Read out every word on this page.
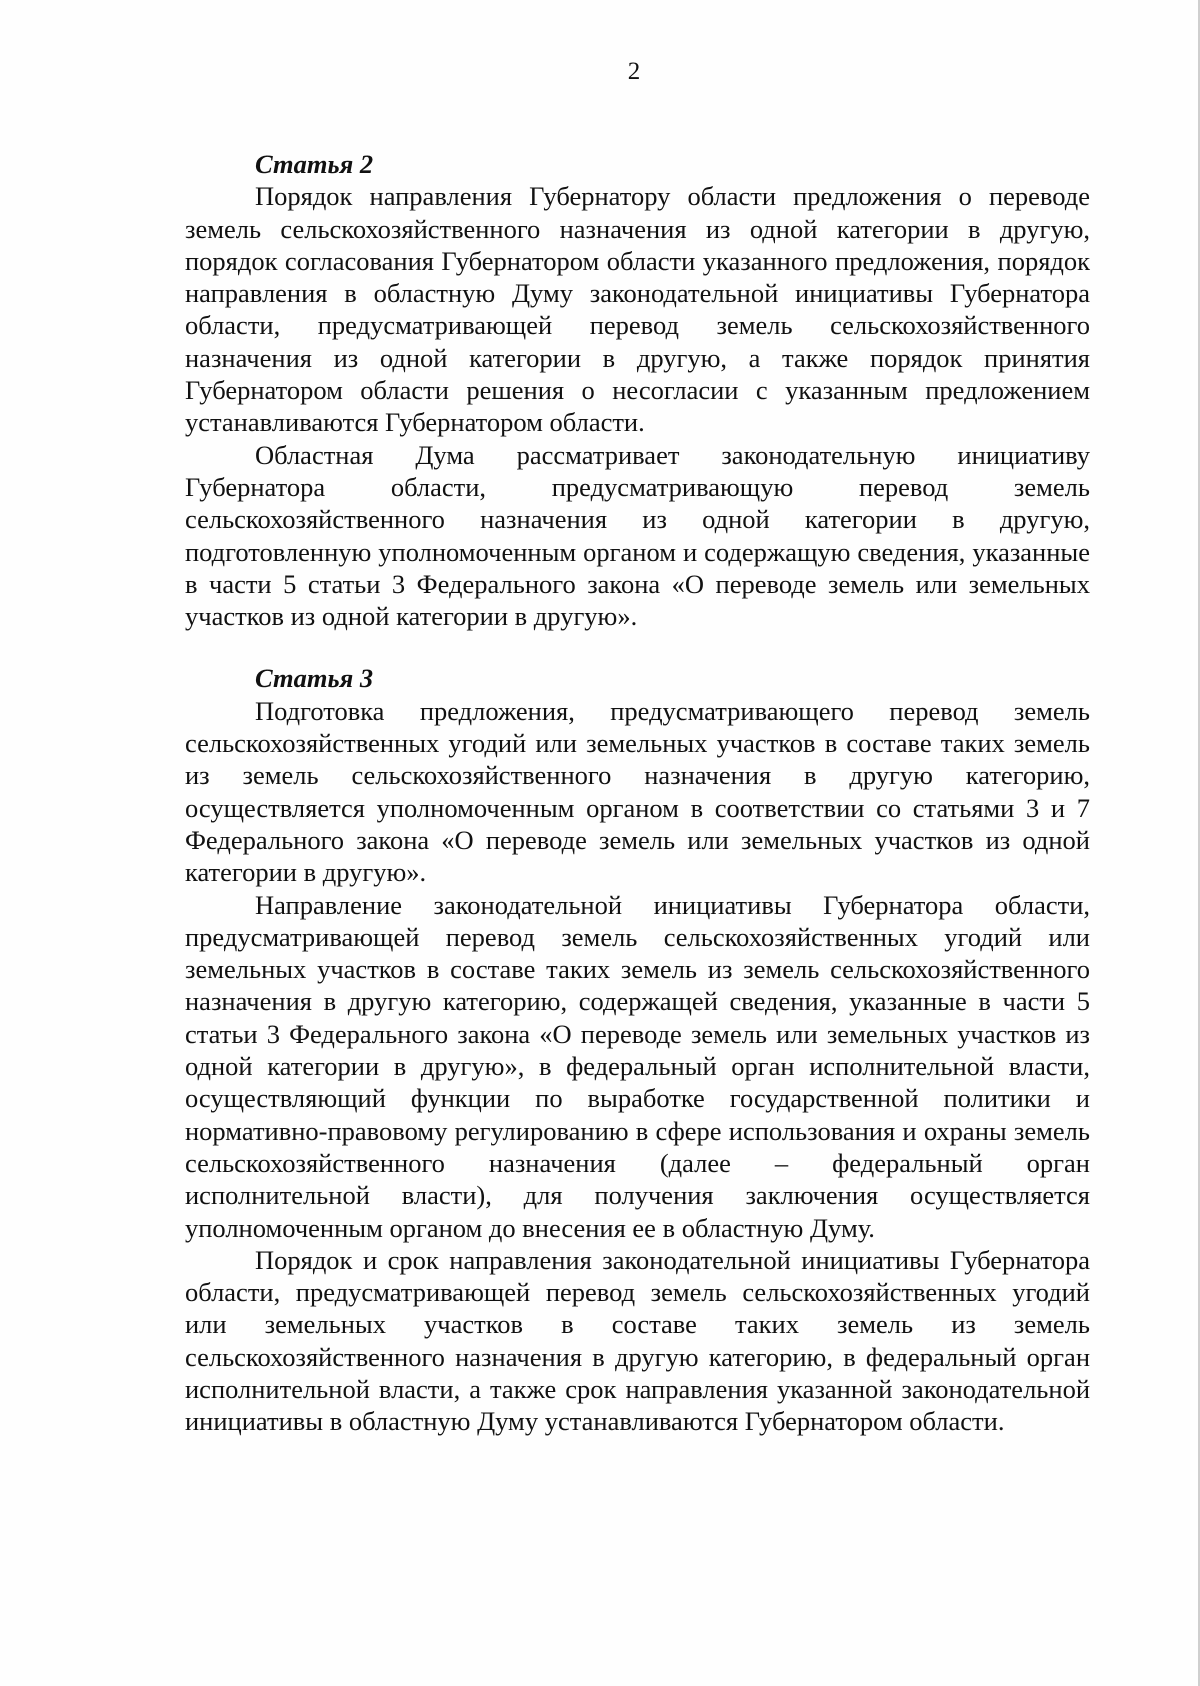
2
Статья 2

Порядок направления Губернатору области предложения о переводе земель сельскохозяйственного назначения из одной категории в другую, порядок согласования Губернатором области указанного предложения, порядок направления в областную Думу законодательной инициативы Губернатора области, предусматривающей перевод земель сельскохозяйственного назначения из одной категории в другую, а также порядок принятия Губернатором области решения о несогласии с указанным предложением устанавливаются Губернатором области.

Областная Дума рассматривает законодательную инициативу Губернатора области, предусматривающую перевод земель сельскохозяйственного назначения из одной категории в другую, подготовленную уполномоченным органом и содержащую сведения, указанные в части 5 статьи 3 Федерального закона «О переводе земель или земельных участков из одной категории в другую».

Статья 3

Подготовка предложения, предусматривающего перевод земель сельскохозяйственных угодий или земельных участков в составе таких земель из земель сельскохозяйственного назначения в другую категорию, осуществляется уполномоченным органом в соответствии со статьями 3 и 7 Федерального закона «О переводе земель или земельных участков из одной категории в другую».

Направление законодательной инициативы Губернатора области, предусматривающей перевод земель сельскохозяйственных угодий или земельных участков в составе таких земель из земель сельскохозяйственного назначения в другую категорию, содержащей сведения, указанные в части 5 статьи 3 Федерального закона «О переводе земель или земельных участков из одной категории в другую», в федеральный орган исполнительной власти, осуществляющий функции по выработке государственной политики и нормативно-правовому регулированию в сфере использования и охраны земель сельскохозяйственного назначения (далее – федеральный орган исполнительной власти), для получения заключения осуществляется уполномоченным органом до внесения ее в областную Думу.

Порядок и срок направления законодательной инициативы Губернатора области, предусматривающей перевод земель сельскохозяйственных угодий или земельных участков в составе таких земель из земель сельскохозяйственного назначения в другую категорию, в федеральный орган исполнительной власти, а также срок направления указанной законодательной инициативы в областную Думу устанавливаются Губернатором области.
